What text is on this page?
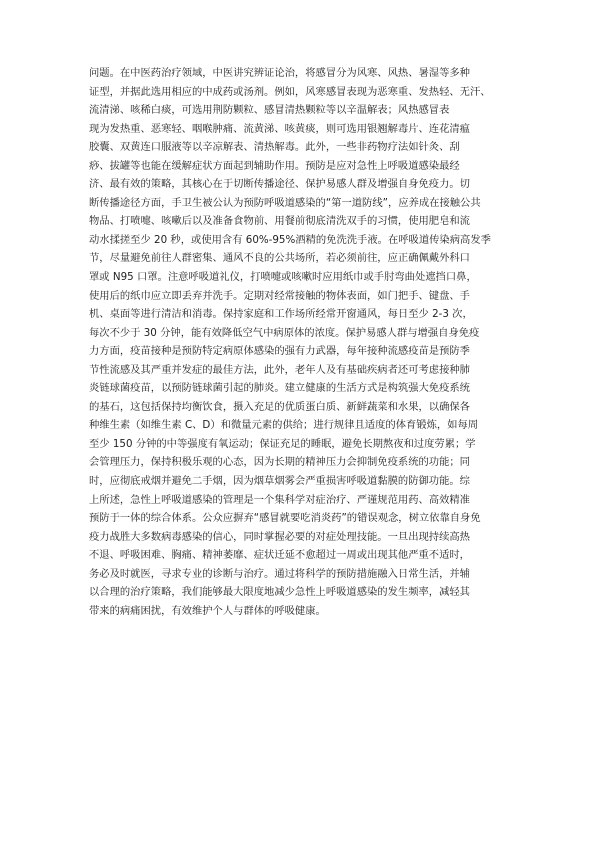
问题。在中医药治疗领域，中医讲究辨证论治，将感冒分为风寒、风热、暑湿等多种
证型，并据此选用相应的中成药或汤剂。例如，风寒感冒表现为恶寒重、发热轻、无汗、
流清涕、咳稀白痰，可选用荆防颗粒、感冒清热颗粒等以辛温解表；风热感冒表
现为发热重、恶寒轻、咽喉肿痛、流黄涕、咳黄痰，则可选用银翘解毒片、连花清瘟
胶囊、双黄连口服液等以辛凉解表、清热解毒。此外，一些非药物疗法如针灸、刮
痧、拔罐等也能在缓解症状方面起到辅助作用。预防是应对急性上呼吸道感染最经
济、最有效的策略，其核心在于切断传播途径、保护易感人群及增强自身免疫力。切
断传播途径方面，手卫生被公认为预防呼吸道感染的“第一道防线”，应养成在接触公共
物品、打喷嚏、咳嗽后以及准备食物前、用餐前彻底清洗双手的习惯，使用肥皂和流
动水揉搓至少 20 秒，或使用含有 60%-95%酒精的免洗洗手液。在呼吸道传染病高发季
节，尽量避免前往人群密集、通风不良的公共场所，若必须前往，应正确佩戴外科口
罩或 N95 口罩。注意呼吸道礼仪，打喷嚏或咳嗽时应用纸巾或手肘弯曲处遮挡口鼻，
使用后的纸巾应立即丢弃并洗手。定期对经常接触的物体表面，如门把手、键盘、手
机、桌面等进行清洁和消毒。保持家庭和工作场所经常开窗通风，每日至少 2-3 次，
每次不少于 30 分钟，能有效降低空气中病原体的浓度。保护易感人群与增强自身免疫
力方面，疫苗接种是预防特定病原体感染的强有力武器，每年接种流感疫苗是预防季
节性流感及其严重并发症的最佳方法，此外，老年人及有基础疾病者还可考虑接种肺
炎链球菌疫苗，以预防链球菌引起的肺炎。建立健康的生活方式是构筑强大免疫系统
的基石，这包括保持均衡饮食，摄入充足的优质蛋白质、新鲜蔬菜和水果，以确保各
种维生素（如维生素 C、D）和微量元素的供给；进行规律且适度的体育锻炼，如每周
至少 150 分钟的中等强度有氧运动；保证充足的睡眠，避免长期熬夜和过度劳累；学
会管理压力，保持积极乐观的心态，因为长期的精神压力会抑制免疫系统的功能；同
时，应彻底戒烟并避免二手烟，因为烟草烟雾会严重损害呼吸道黏膜的防御功能。综
上所述，急性上呼吸道感染的管理是一个集科学对症治疗、严谨规范用药、高效精准
预防于一体的综合体系。公众应摒弃“感冒就要吃消炎药”的错误观念，树立依靠自身免
疫力战胜大多数病毒感染的信心，同时掌握必要的对症处理技能。一旦出现持续高热
不退、呼吸困难、胸痛、精神萎靡、症状迁延不愈超过一周或出现其他严重不适时，
务必及时就医，寻求专业的诊断与治疗。通过将科学的预防措施融入日常生活，并辅
以合理的治疗策略，我们能够最大限度地减少急性上呼吸道感染的发生频率，减轻其
带来的病痛困扰，有效维护个人与群体的呼吸健康。
